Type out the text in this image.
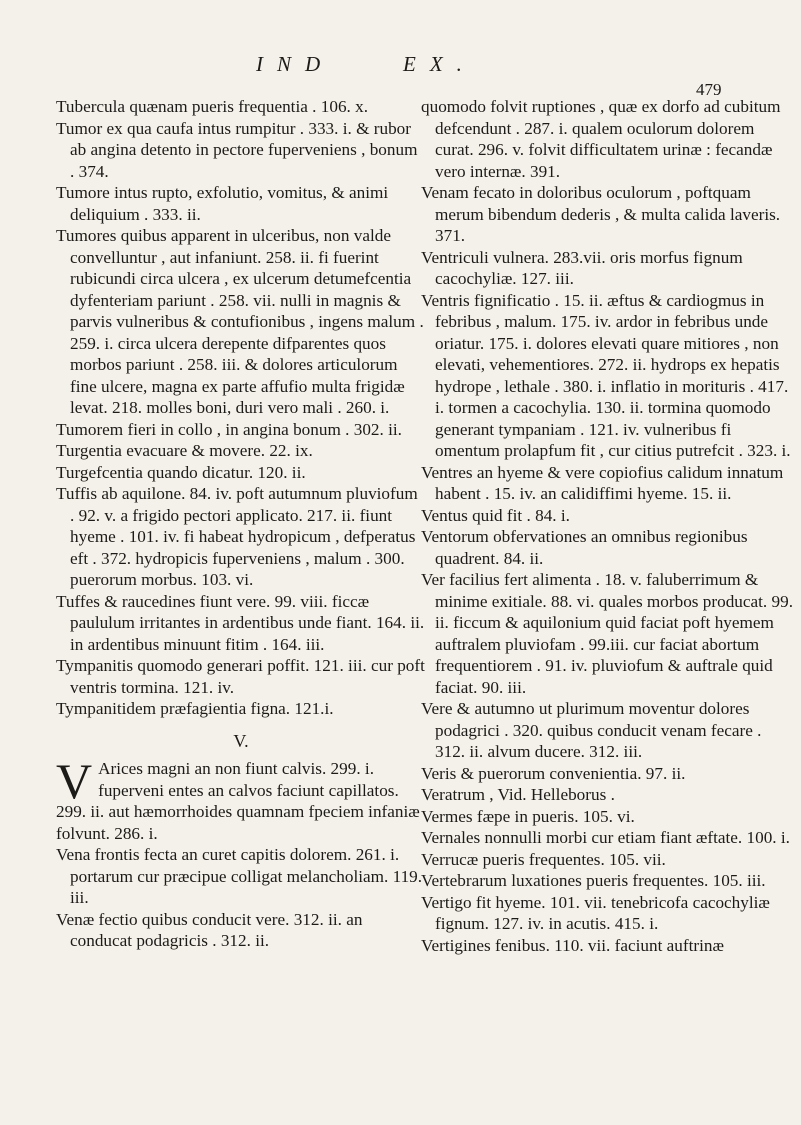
IND	EX.
479

Tubercula quænam pueris frequentia . 106. x.

Tumor ex qua caufa intus rumpitur . 333. i. & rubor ab angina detento in pectore fuperveniens , bonum . 374.

Tumore intus rupto, exfolutio, vomitus, & animi deliquium . 333. ii.

Tumores quibus apparent in ulceribus, non valde convelluntur , aut infaniunt. 258. ii. fi fuerint rubicundi circa ulcera , ex ulcerum detumefcentia dyfenteriam pariunt . 258. vii. nulli in magnis & parvis vulneribus & contufionibus , ingens malum . 259. i. circa ulcera derepente difparentes quos morbos pariunt . 258. iii. & dolores articulorum fine ulcere, magna ex parte affufio multa frigidæ levat. 218. molles boni, duri vero mali . 260. i.

Tumorem fieri in collo , in angina bonum . 302. ii.

Turgentia evacuare & movere. 22. ix.

Turgefcentia quando dicatur. 120. ii.

Tuffis ab aquilone. 84. iv. poft autumnum pluviofum . 92. v. a frigido pectori applicato. 217. ii. fiunt hyeme . 101. iv. fi habeat hydropicum , defperatus eft . 372. hydropicis fuperveniens , malum . 300. puerorum morbus. 103. vi.

Tuffes & raucedines fiunt vere. 99. viii. ficcæ paululum irritantes in ardentibus unde fiant. 164. ii. in ardentibus minuunt fitim . 164. iii.

Tympanitis quomodo generari poffit. 121. iii. cur poft ventris tormina. 121. iv.

Tympanitidem præfagientia figna. 121.i.

V.

V Arices magni an non fiunt calvis. 299. i. fuperveni entes an calvos faciunt capillatos. 299. ii. aut hæmorrhoides quamnam fpeciem infaniæ folvunt. 286. i.

Vena frontis fecta an curet capitis dolorem. 261. i. portarum cur præcipue colligat melancholiam. 119. iii.

Venæ fectio quibus conducit vere. 312. ii. an conducat podagricis . 312. ii.

quomodo folvit ruptiones , quæ ex dorfo ad cubitum defcendunt . 287. i. qualem oculorum dolorem curat. 296. v. folvit difficultatem urinæ : fecandæ vero internæ. 391.

Venam fecato in doloribus oculorum , poftquam merum bibendum dederis , & multa calida laveris. 371.

Ventriculi vulnera. 283.vii. oris morfus fignum cacochyliæ. 127. iii.

Ventris fignificatio . 15. ii. æftus & cardiogmus in febribus , malum. 175. iv. ardor in febribus unde oriatur. 175. i. dolores elevati quare mitiores , non elevati, vehementiores. 272. ii. hydrops ex hepatis hydrope , lethale . 380. i. inflatio in morituris . 417. i. tormen a cacochylia. 130. ii. tormina quomodo generant tympaniam . 121. iv. vulneribus fi omentum prolapfum fit , cur citius putrefcit . 323. i.

Ventres an hyeme & vere copiofius calidum innatum habent . 15. iv. an calidiffimi hyeme. 15. ii.

Ventus quid fit . 84. i.

Ventorum obfervationes an omnibus regionibus quadrent. 84. ii.

Ver facilius fert alimenta . 18. v. faluberrimum & minime exitiale. 88. vi. quales morbos producat. 99. ii. ficcum & aquilonium quid faciat poft hyemem auftralem pluviofam . 99.iii. cur faciat abortum frequentiorem . 91. iv. pluviofum & auftrale quid faciat. 90. iii.

Vere & autumno ut plurimum moventur dolores podagrici . 320. quibus conducit venam fecare . 312. ii. alvum ducere. 312. iii.

Veris & puerorum convenientia. 97. ii.

Veratrum , Vid. Helleborus .

Vermes fæpe in pueris. 105. vi.

Vernales nonnulli morbi cur etiam fiant æftate. 100. i.

Verrucæ pueris frequentes. 105. vii.

Vertebrarum luxationes pueris frequentes. 105. iii.

Vertigo fit hyeme. 101. vii. tenebricofa cacochyliæ fignum. 127. iv. in acutis. 415. i.

Vertigines fenibus. 110. vii. faciunt auftrinæ
